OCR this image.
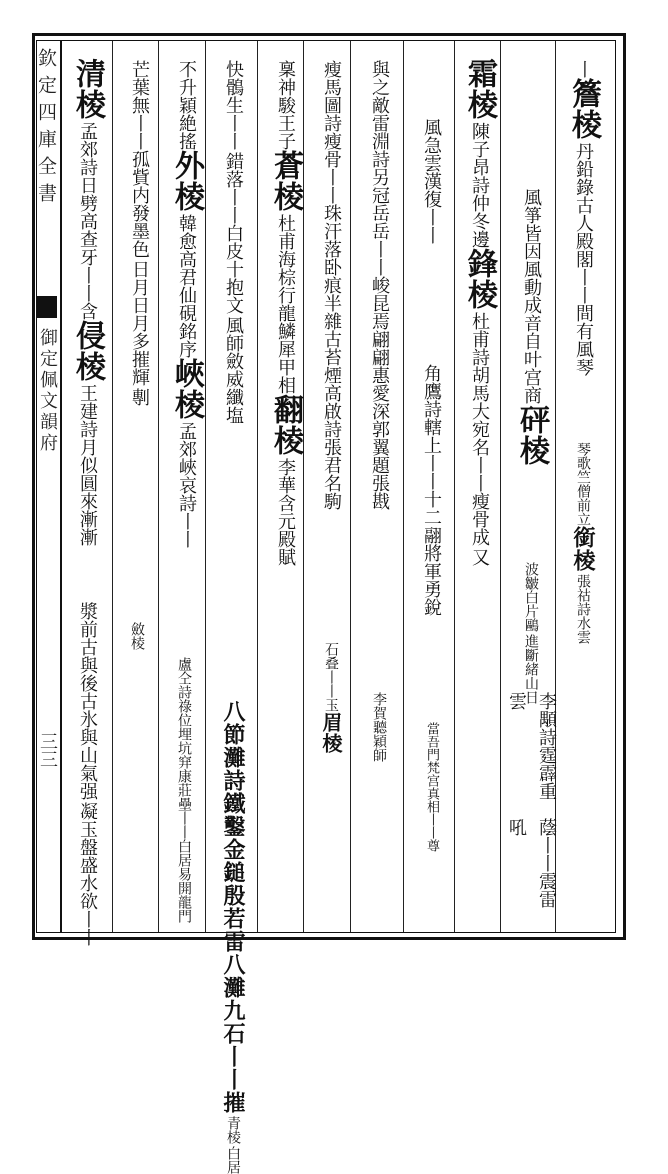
欽定四庫全書
御定佩文韻府
三三
丨
簷棱
丹鉛錄古人殿閣丨丨間有風琴
風箏皆因風動成音自叶宫商
砰棱
李顒詩霆霹重雲
蔭丨丨震雷吼
霜棱
陳子昂詩仲冬邊
鋒棱
杜甫詩胡馬大宛名丨丨瘦骨成
又
風急雲漢復丨丨
角鷹詩轄上丨丨十二翮將軍勇銳
與之敵雷淵詩另冠岳岳丨丨峻昆焉翩翩惠愛深郭翼題張戡
瘦馬圖詩瘦骨丨丨珠汗落卧痕半雜古苔煙高啟詩張君名駒
稟神駿王子
蒼棱
杜甫海棕行龍鱗犀甲相
翻棱
李華含元殿賦
快鶻生丨丨
錯落丨丨白皮十抱文
風師斂威纖塩
不升穎絶搖
外棱
韓愈高君仙硯銘序
峽棱
孟郊峽哀詩丨丨
芒葉無丨丨孤貲内發墨色
日月日月多摧輝
剸
清棱
孟郊詩日劈高查牙丨丨含
侵棱
王建詩月似圓來漸漸
漿前古與後古氷與山氣强
凝玉盤盛水欲丨丨
斂棱
盧仝詩祿位埋坑穽康莊壘丨丨白居易開龍門 八節灘詩鐵鑿金鎚殷若雷八灘九石丨丨摧
青棱
白居
石叠丨丨玉
眉棱 李賀聽穎師	當吾門梵宫真相丨丨尊
琴歌竺僧前立
銜棱
張祜詩水雲
波皺白片鷗
進斷緒山日
